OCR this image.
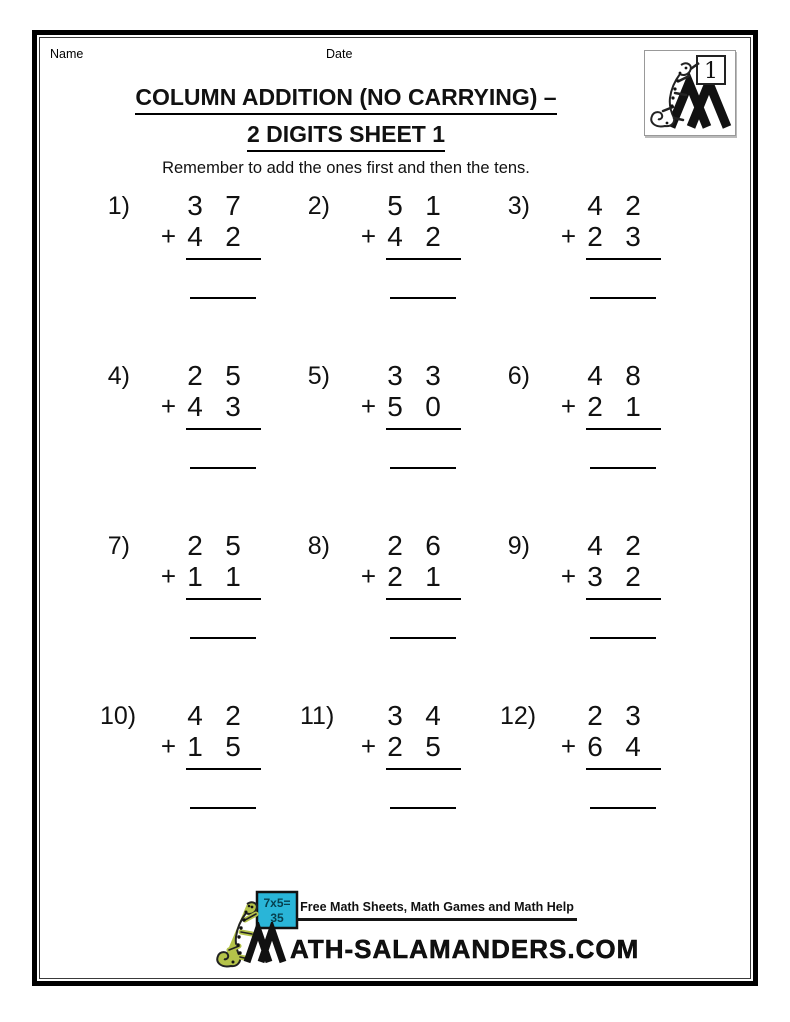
Name	Date
1
COLUMN ADDITION (NO CARRYING) –
2 DIGITS SHEET 1
Remember to add the ones first and then the tens.
1)	3 7
+ 4 2
2)	5 1
+ 4 2
3)	4 2
+ 2 3
4)	2 5
+ 4 3
5)	3 3
+ 5 0
6)	4 8
+ 2 1
7)	2 5
+ 1 1
8)	2 6
+ 2 1
9)	4 2
+ 3 2
10)	4 2
+ 1 5
11)	3 4
+ 2 5
12)	2 3
+ 6 4
7x5=
35
Free Math Sheets, Math Games and Math Help
ATH-SALAMANDERS.COM
